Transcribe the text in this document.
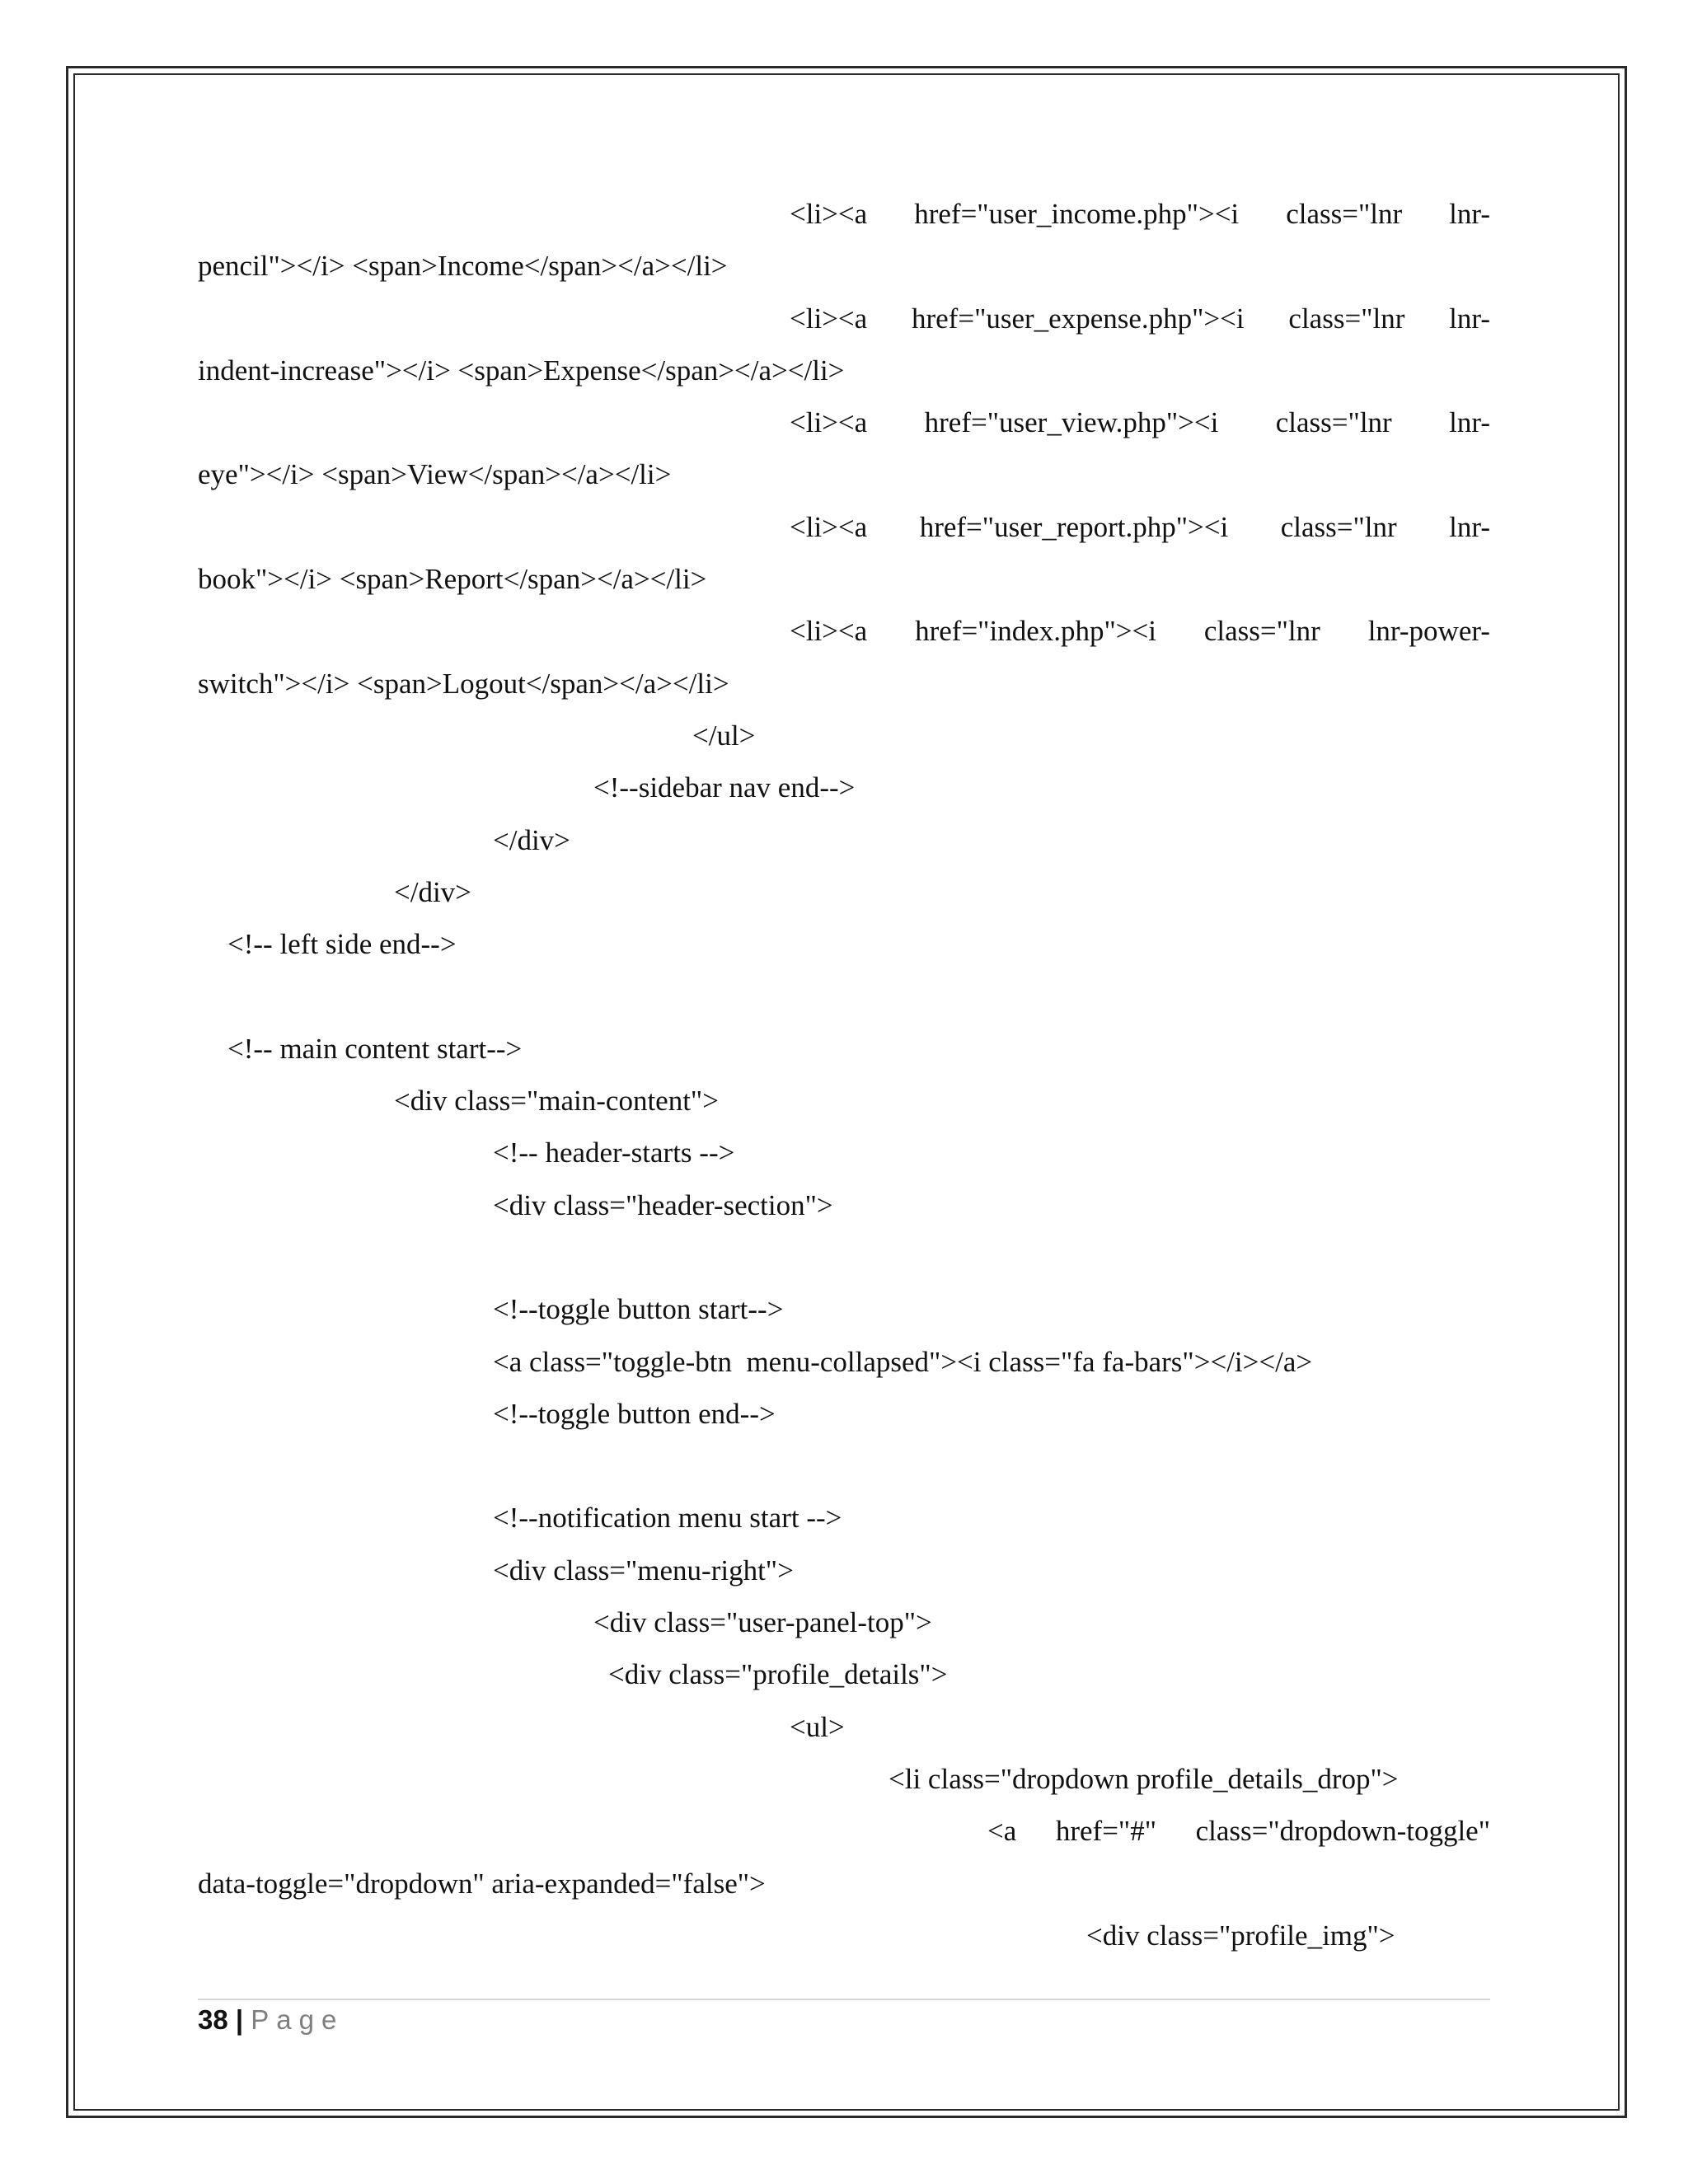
<li><a href="user_income.php"><i class="lnr lnr-
pencil"></i> <span>Income</span></a></li>
<li><a href="user_expense.php"><i class="lnr lnr-
indent-increase"></i> <span>Expense</span></a></li>
<li><a href="user_view.php"><i class="lnr lnr-
eye"></i> <span>View</span></a></li>
<li><a href="user_report.php"><i class="lnr lnr-
book"></i> <span>Report</span></a></li>
<li><a href="index.php"><i class="lnr lnr-power-
switch"></i> <span>Logout</span></a></li>
</ul>
<!--sidebar nav end-->
</div>
</div>
<!-- left side end-->
<!-- main content start-->
<div class="main-content">
<!-- header-starts -->
<div class="header-section">
<!--toggle button start-->
<a class="toggle-btn  menu-collapsed"><i class="fa fa-bars"></i></a>
<!--toggle button end-->
<!--notification menu start -->
<div class="menu-right">
<div class="user-panel-top">
<div class="profile_details">
<ul>
<li class="dropdown profile_details_drop">
<a href="#" class="dropdown-toggle"
data-toggle="dropdown" aria-expanded="false">
<div class="profile_img">
38 | Page
